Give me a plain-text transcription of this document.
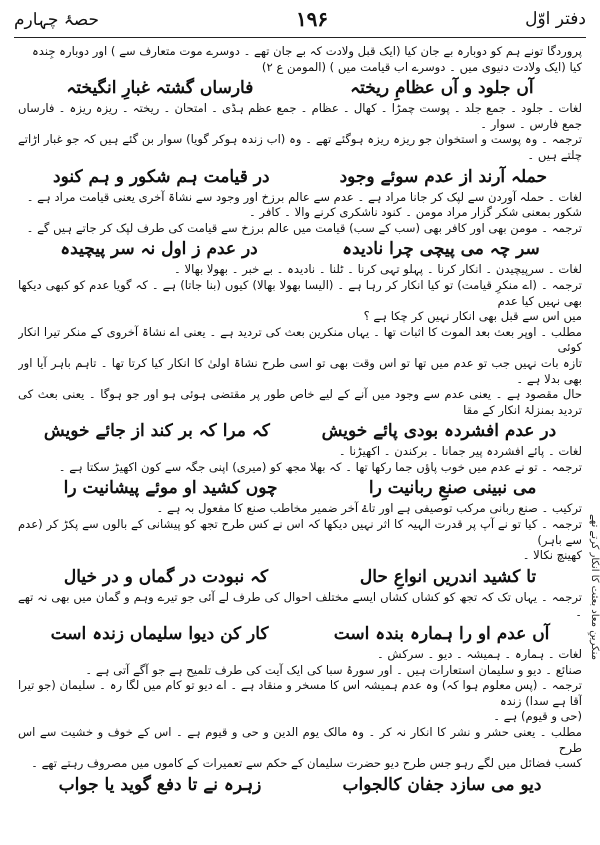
دفتر اوّل
۱۹۶
حصۂ چہارم
پروردگا تونے ہم کو دوبارہ بے جان کیا (ایک قبل ولادت کہ بے جان تھے ۔ دوسرے موت متعارف سے ) اور دوبارہ جِندہ
کیا (ایک ولادت دنیوی میں ۔ دوسرے اب قیامت میں ) (المومن ع ۲)
آں جلود و آں عظامِ ریختہ
فارساں گشتہ غبارِ انگیختہ
لغات ۔ جلود ۔ جمع جلد ۔ پوست چمڑا ۔ کھال ۔ عظام ۔ جمع عظم ہڈی ۔ امتحان ۔ ریختہ ۔ ریزہ ریزہ ۔ فارساں جمع فارس ۔ سوار ۔
ترجمہ ۔ وہ پوست و استخوان جو ریزہ ریزہ ہوگئے تھے ۔ وہ (اب زندہ ہوکر گویا) سوار بن گئے ہیں کہ جو غبار اڑاتے چلتے ہیں ۔
حملہ آرند از عدم سوئے وجود
در قیامت ہم شکور و ہم کنود
لغات ۔ حملہ آوردن سے لپک کر جانا مراد ہے ۔ عدم سے عالم برزخ اور وجود سے نشاۃ آخری یعنی قیامت مراد ہے ۔
شکور بمعنی شکر گزار مراد مومن ۔ کنود ناشکری کرنے والا ۔ کافر ۔
ترجمہ ۔ مومن بھی اور کافر بھی (سب کے سب) قیامت میں عالم برزخ سے قیامت کی طرف لپک کر جاتے ہیں گے ۔
سر چہ می پیچی چرا نادیدہ
در عدم ز اول نہ سر پیچیدہ
لغات ۔ سرپیچیدن ۔ انکار کرنا ۔ پہلو تہی کرنا ۔ ٹلنا ۔ نادیدہ ۔ بے خبر ۔ بھولا بھالا ۔
ترجمہ ۔ (اے منکرِ قیامت) تو کیا انکار کر رہا ہے ۔ (الیسا بھولا بھالا) کیوں (بنا جاتا) ہے ۔ کہ گویا عدم کو کبھی دیکھا بھی نہیں کیا عدم
میں اس سے قبل بھی انکار نہیں کر چکا ہے ؟
مطلب ۔ اوپر بعث بعد الموت کا اثبات تھا ۔ یہاں منکرین بعث کی تردید ہے ۔ یعنی اے نشاۃ آخروی کے منکر تیرا انکار کوئی
تازہ بات نہیں جب تو عدم میں تھا تو اس وقت بھی تو اسی طرح نشاۃ اولیٰ کا انکار کیا کرتا تھا ۔ تاہم باہر آیا اور بھی بدلا ہے ۔
حال مقصود ہے ۔ یعنی عدم سے وجود میں آنے کے لیے خاص طور پر مقتضی ہوئی ہو اور جو ہوگا ۔ یعنی بعث کی تردید بمنزلۂ انکار کے مقا
در عدم افشردہ بودی پائے خویش
کہ مرا کہ بر کند از جائے خویش
لغات ۔ پائے افشردہ پیر جمانا ۔ برکندن ۔ اکھیڑنا ۔
ترجمہ ۔ تو نے عدم میں خوب پاؤں جما رکھا تھا ۔ کہ بھلا مجھ کو (میری) اپنی جگہ سے کون اکھیڑ سکتا ہے ۔
می نبینی صنعِ ربانیت را
چوں کشید او موئے پیشانیت را
ترکیب ۔ صنع ربانی مرکب توصیفی ہے اور تاۓ آخر ضمیر مخاطب صنع کا مفعول بہ ہے ۔
ترجمہ ۔ کیا تو نے آپ پر قدرت الہیہ کا اثر نہیں دیکھا کہ اس نے کس طرح تجھ کو پیشانی کے بالوں سے پکڑ کر (عدم سے باہر)
کھینچ نکالا ۔
تا کشید اندریں انواعِ حال
کہ نبودت در گماں و در خیال
ترجمہ ۔ یہاں تک کہ تجھ کو کشاں کشاں ایسے مختلف احوال کی طرف لے آئی جو تیرے وہم و گمان میں بھی نہ تھے ۔
آں عدم او را ہمارہ بندہ است
کار کن دیوا سلیماں زندہ است
لغات ۔ ہمارہ ۔ ہمیشہ ۔ دیو ۔ سرکش ۔
صنائع ۔ دیو و سلیمان استعارات ہیں ۔ اور سورۂ سبا کی ایک آیت کی طرف تلمیح ہے جو آگے آتی ہے ۔
ترجمہ ۔ (پس معلوم ہوا کہ) وہ عدم ہمیشہ اس کا مسخر و منقاد ہے ۔ اے دیو تو کام میں لگا رہ ۔ سلیمان (جو تیرا آقا ہے سدا) زندہ
(حی و قیوم) ہے ۔
مطلب ۔ یعنی حشر و نشر کا انکار نہ کر ۔ وہ مالک یوم الدین و حی و قیوم ہے ۔ اس کے خوف و خشیت سے اس طرح
کسب فضائل میں لگے رہو جس طرح دیو حضرت سلیمان کے حکم سے تعمیرات کے کاموں میں مصروف رہتے تھے ۔
دیو می سازد جفان کالجواب
زہرہ نے تا دفع گوید یا جواب
منکرینِ معاد بعثت کا انکار کرتے تھے
